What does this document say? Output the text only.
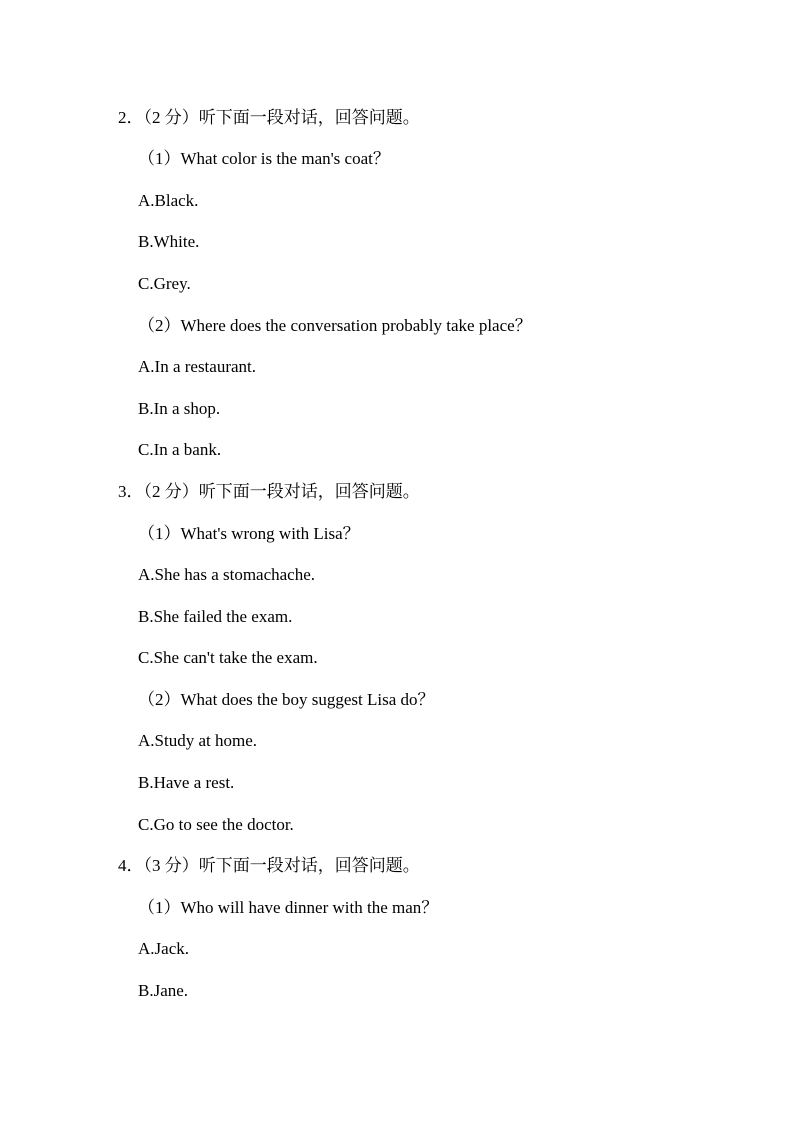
2．（2 分）听下面一段对话，回答问题。
（1）What color is the man's coat？
A.Black.
B.White.
C.Grey.
（2）Where does the conversation probably take place？
A.In a restaurant.
B.In a shop.
C.In a bank.
3．（2 分）听下面一段对话，回答问题。
（1）What's wrong with Lisa？
A.She has a stomachache.
B.She failed the exam.
C.She can't take the exam.
（2）What does the boy suggest Lisa do？
A.Study at home.
B.Have a rest.
C.Go to see the doctor.
4．（3 分）听下面一段对话，回答问题。
（1）Who will have dinner with the man？
A.Jack.
B.Jane.
